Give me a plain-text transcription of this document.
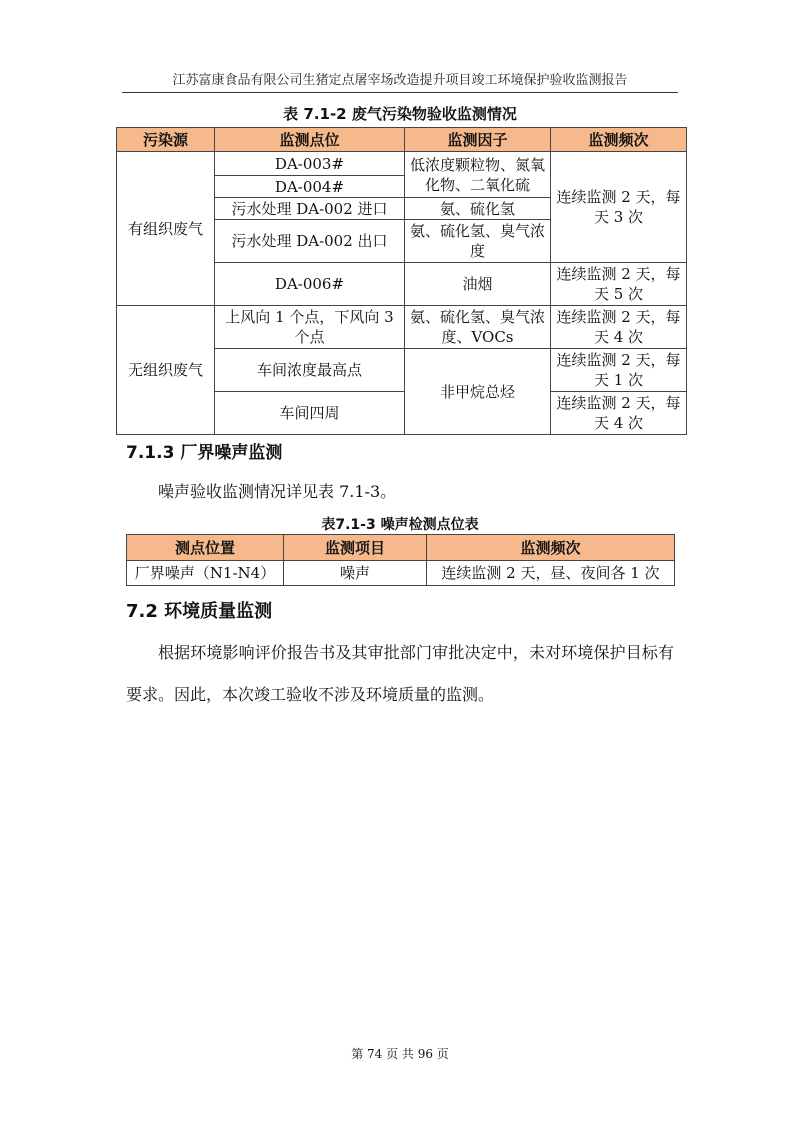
江苏富康食品有限公司生猪定点屠宰场改造提升项目竣工环境保护验收监测报告
表 7.1-2 废气污染物验收监测情况
污染源	监测点位	监测因子	监测频次
有组织废气	DA-003#	低浓度颗粒物、氮氧化物、二氧化硫	连续监测 2 天，每天 3 次
	DA-004#		
	污水处理 DA-002 进口	氨、硫化氢	
	污水处理 DA-002 出口	氨、硫化氢、臭气浓度	
	DA-006#	油烟	连续监测 2 天，每天 5 次
无组织废气	上风向 1 个点，下风向 3 个点	氨、硫化氢、臭气浓度、VOCs	连续监测 2 天，每天 4 次
	车间浓度最高点	非甲烷总烃	连续监测 2 天，每天 1 次
	车间四周		连续监测 2 天，每天 4 次
7.1.3 厂界噪声监测

噪声验收监测情况详见表 7.1-3。

表7.1-3 噪声检测点位表
测点位置	监测项目	监测频次
厂界噪声（N1-N4）	噪声	连续监测 2 天，昼、夜间各 1 次
7.2 环境质量监测

根据环境影响评价报告书及其审批部门审批决定中，未对环境保护目标有要求。因此，本次竣工验收不涉及环境质量的监测。

第 74 页 共 96 页
